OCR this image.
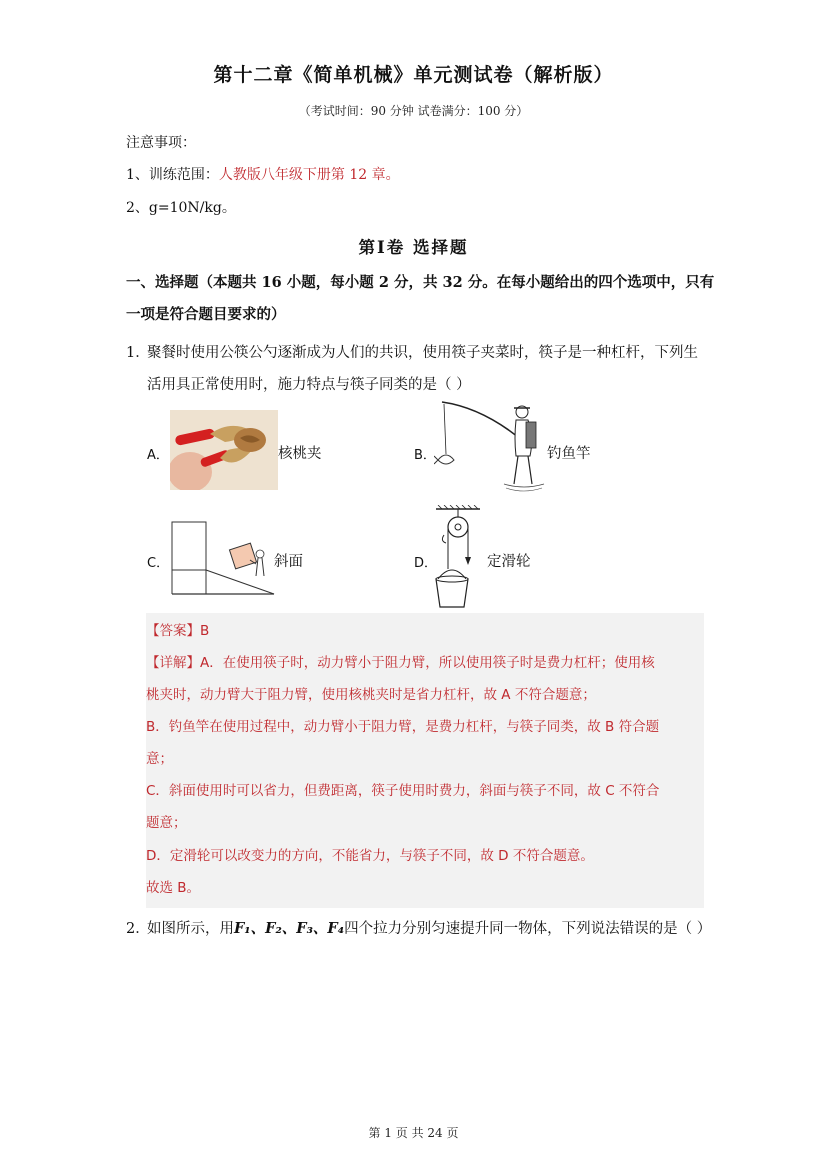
第十二章《简单机械》单元测试卷（解析版）
（考试时间：90 分钟 试卷满分：100 分）
注意事项：
1、训练范围：人教版八年级下册第 12 章。
2、g=10N/kg。
第Ⅰ卷 选择题
一、选择题（本题共 16 小题，每小题 2 分，共 32 分。在每小题给出的四个选项中，只有
一项是符合题目要求的）
1．
聚餐时使用公筷公勺逐渐成为人们的共识，使用筷子夹菜时，筷子是一种杠杆，下列生
活用具正常使用时，施力特点与筷子同类的是（ ）
A．	核桃夹	B．	钓鱼竿
C．	斜面	D．	定滑轮
【答案】B
【详解】A．在使用筷子时，动力臂小于阻力臂，所以使用筷子时是费力杠杆；使用核
桃夹时，动力臂大于阻力臂，使用核桃夹时是省力杠杆，故 A 不符合题意；
B．钓鱼竿在使用过程中，动力臂小于阻力臂，是费力杠杆，与筷子同类，故 B 符合题
意；
C．斜面使用时可以省力，但费距离，筷子使用时费力，斜面与筷子不同，故 C 不符合
题意；
D．定滑轮可以改变力的方向，不能省力，与筷子不同，故 D 不符合题意。
故选 B。
2．
如图所示，用F₁、F₂、F₃、F₄四个拉力分别匀速提升同一物体，下列说法错误的是（ ）
第 1 页 共 24 页
